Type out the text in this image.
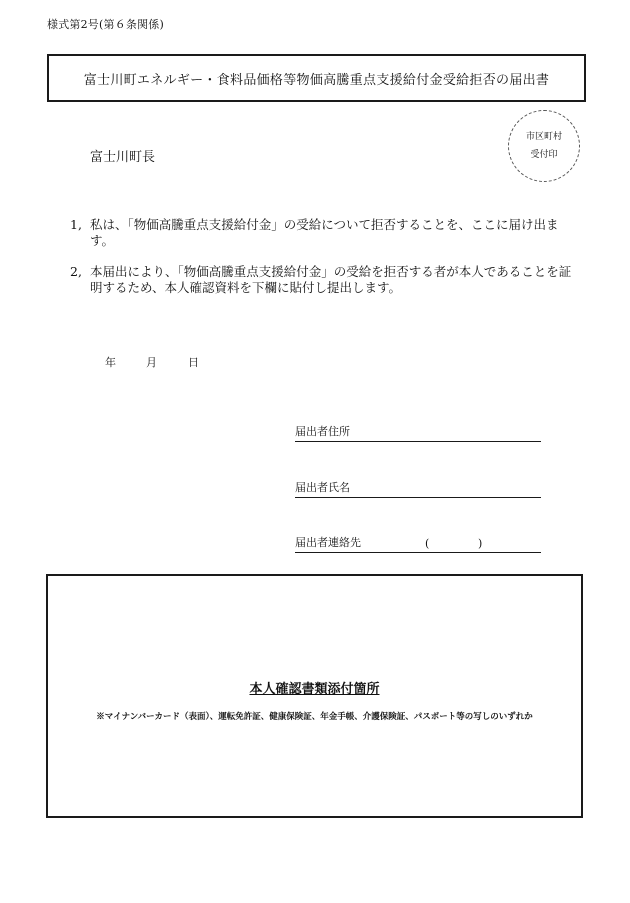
様式第2号(第６条関係)
富士川町エネルギー・食料品価格等物価高騰重点支援給付金受給拒否の届出書
富士川町長
市区町村
受付印
1, 私は、「物価高騰重点支援給付金」の受給について拒否することを、ここに届け出ます。
2, 本届出により、「物価高騰重点支援給付金」の受給を拒否する者が本人であることを証明するため、本人確認資料を下欄に貼付し提出します。
年	月	日
届出者住所
届出者氏名
届出者連絡先	(	)
本人確認書類添付箇所
※マイナンバーカード（表面）、運転免許証、健康保険証、年金手帳、介護保険証、パスポート等の写しのいずれか
